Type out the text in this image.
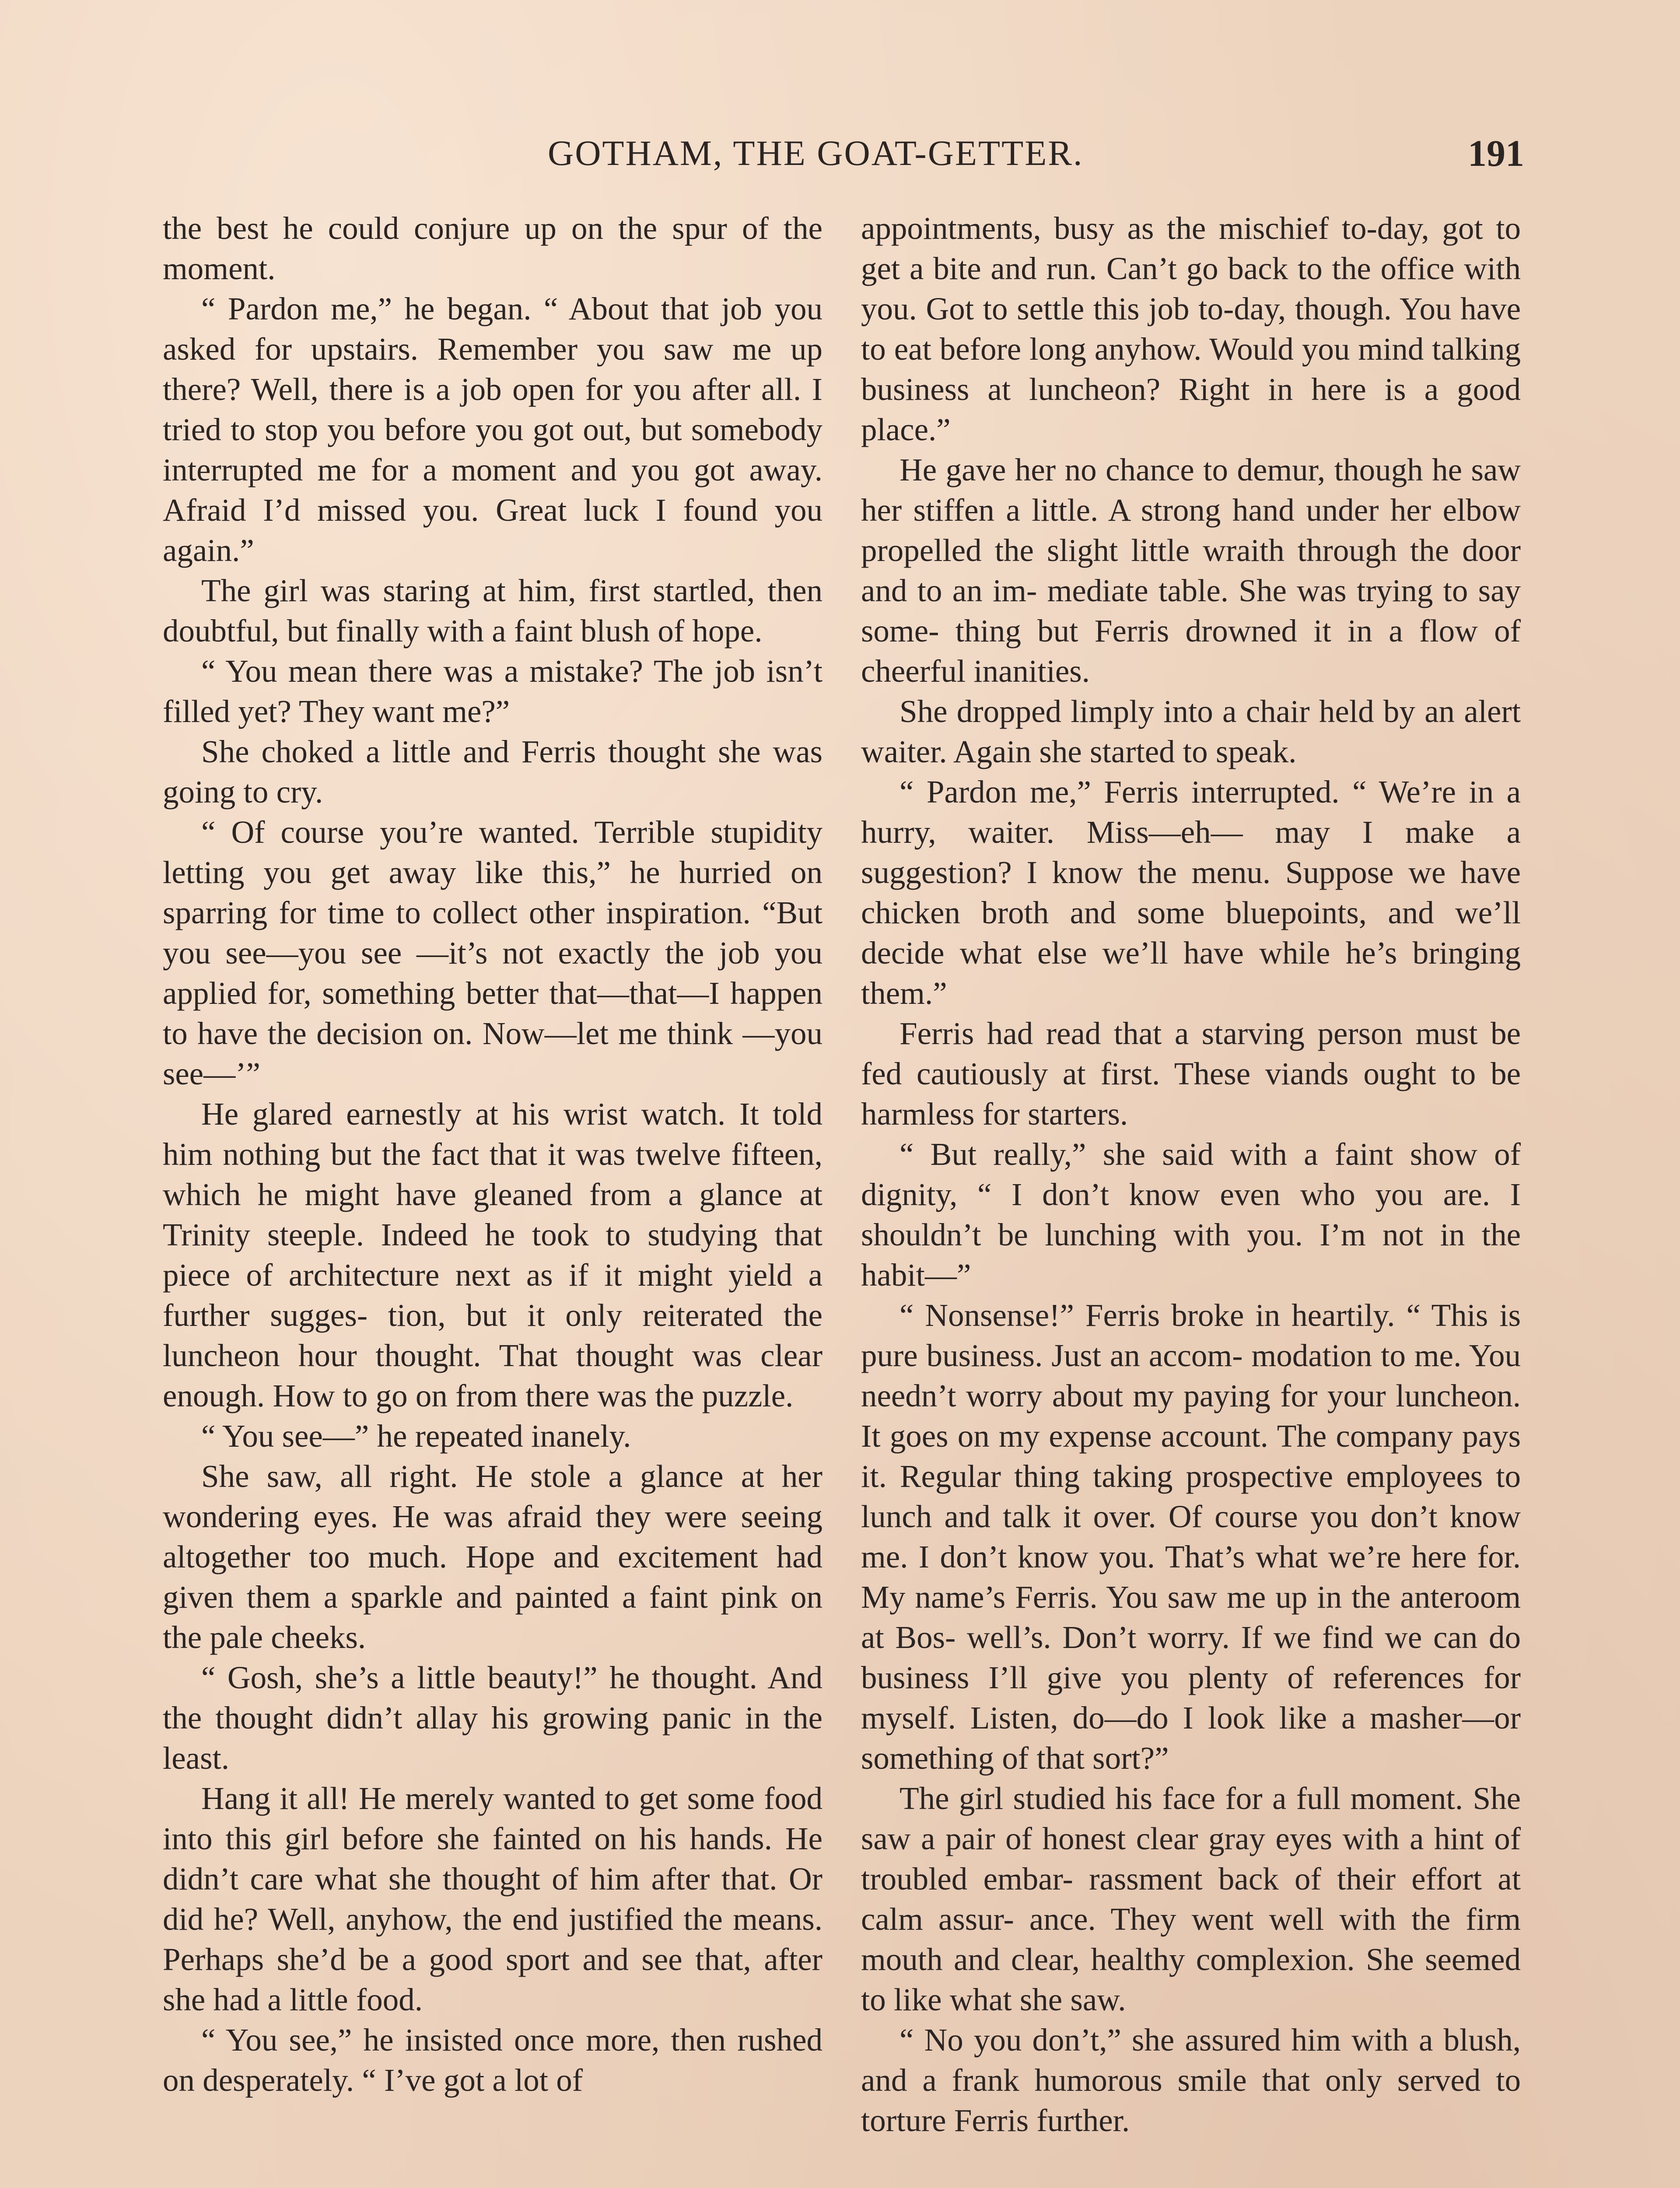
GOTHAM, THE GOAT-GETTER.	191

the best he could conjure up on the spur of the moment.

“ Pardon me,” he began. “ About that job you asked for upstairs. Remember you saw me up there? Well, there is a job open for you after all. I tried to stop you before you got out, but somebody interrupted me for a moment and you got away. Afraid I’d missed you. Great luck I found you again.”

The girl was staring at him, first startled, then doubtful, but finally with a faint blush of hope.

“ You mean there was a mistake? The job isn’t filled yet? They want me?”

She choked a little and Ferris thought she was going to cry.

“ Of course you’re wanted. Terrible stupidity letting you get away like this,” he hurried on sparring for time to collect other inspiration. “But you see—you see —it’s not exactly the job you applied for, something better that—that—I happen to have the decision on. Now—let me think —you see—’”

He glared earnestly at his wrist watch. It told him nothing but the fact that it was twelve fifteen, which he might have gleaned from a glance at Trinity steeple. Indeed he took to studying that piece of architecture next as if it might yield a further sugges- tion, but it only reiterated the luncheon hour thought. That thought was clear enough. How to go on from there was the puzzle.

“ You see—” he repeated inanely.

She saw, all right. He stole a glance at her wondering eyes. He was afraid they were seeing altogether too much. Hope and excitement had given them a sparkle and painted a faint pink on the pale cheeks.

“ Gosh, she’s a little beauty!” he thought. And the thought didn’t allay his growing panic in the least.

Hang it all! He merely wanted to get some food into this girl before she fainted on his hands. He didn’t care what she thought of him after that. Or did he? Well, anyhow, the end justified the means. Perhaps she’d be a good sport and see that, after she had a little food.

“ You see,” he insisted once more, then rushed on desperately. “ I’ve got a lot of

appointments, busy as the mischief to-day, got to get a bite and run. Can’t go back to the office with you. Got to settle this job to-day, though. You have to eat before long anyhow. Would you mind talking business at luncheon? Right in here is a good place.”

He gave her no chance to demur, though he saw her stiffen a little. A strong hand under her elbow propelled the slight little wraith through the door and to an im- mediate table. She was trying to say some- thing but Ferris drowned it in a flow of cheerful inanities.

She dropped limply into a chair held by an alert waiter. Again she started to speak.

“ Pardon me,” Ferris interrupted. “ We’re in a hurry, waiter. Miss—eh— may I make a suggestion? I know the menu. Suppose we have chicken broth and some bluepoints, and we’ll decide what else we’ll have while he’s bringing them.”

Ferris had read that a starving person must be fed cautiously at first. These viands ought to be harmless for starters.

“ But really,” she said with a faint show of dignity, “ I don’t know even who you are. I shouldn’t be lunching with you. I’m not in the habit—”

“ Nonsense!” Ferris broke in heartily. “ This is pure business. Just an accom- modation to me. You needn’t worry about my paying for your luncheon. It goes on my expense account. The company pays it. Regular thing taking prospective employees to lunch and talk it over. Of course you don’t know me. I don’t know you. That’s what we’re here for. My name’s Ferris. You saw me up in the anteroom at Bos- well’s. Don’t worry. If we find we can do business I’ll give you plenty of references for myself. Listen, do—do I look like a masher—or something of that sort?”

The girl studied his face for a full moment. She saw a pair of honest clear gray eyes with a hint of troubled embar- rassment back of their effort at calm assur- ance. They went well with the firm mouth and clear, healthy complexion. She seemed to like what she saw.

“ No you don’t,” she assured him with a blush, and a frank humorous smile that only served to torture Ferris further.
